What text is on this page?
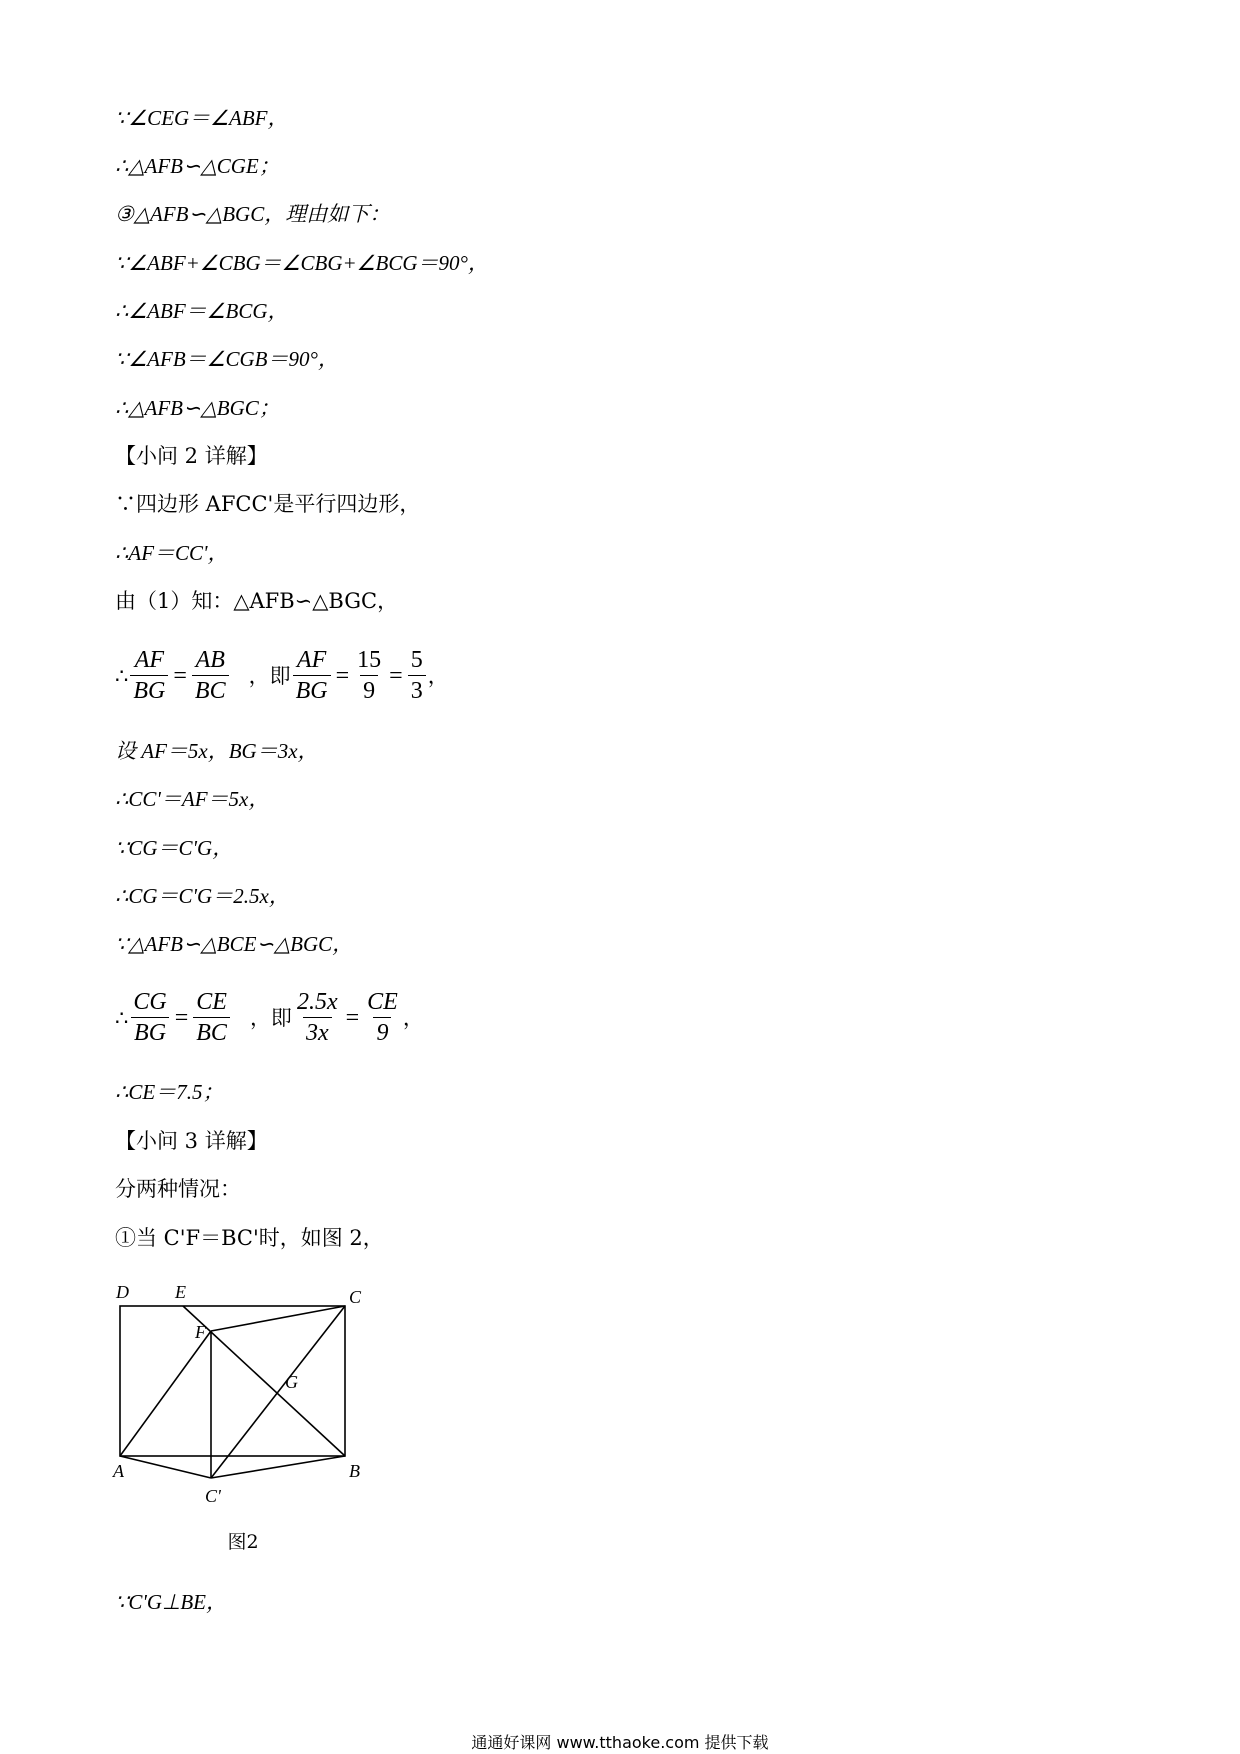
∵∠CEG＝∠ABF，
∴△AFB∽△CGE；
③△AFB∽△BGC，理由如下：
∵∠ABF+∠CBG＝∠CBG+∠BCG＝90°，
∴∠ABF＝∠BCG，
∵∠AFB＝∠CGB＝90°，
∴△AFB∽△BGC；
【小问 2 详解】
∵四边形 AFCC'是平行四边形，
∴AF＝CC'，
由（1）知：△AFB∽△BGC，
∴ $\frac{AF}{BG} = \frac{AB}{BC}$ ，即 $\frac{AF}{BG} = \frac{15}{9} = \frac{5}{3}$ ，
设 AF＝5x，BG＝3x，
∴CC'＝AF＝5x，
∵CG＝C'G，
∴CG＝C'G＝2.5x，
∵△AFB∽△BCE∽△BGC，
∴ $\frac{CG}{BG} = \frac{CE}{BC}$ ，即 $\frac{2.5x}{3x} = \frac{CE}{9}$ ，
∴CE＝7.5；
【小问 3 详解】
分两种情况：
①当 C'F＝BC'时，如图 2，
D	E	C
F
G
A	B
C'
图2
∵C'G⊥BE，
通通好课网 www.tthaoke.com 提供下载
